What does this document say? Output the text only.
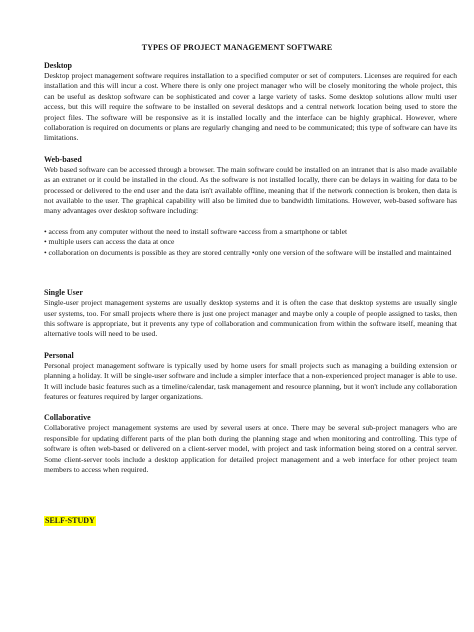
TYPES OF PROJECT MANAGEMENT SOFTWARE

Desktop

Desktop project management software requires installation to a specified computer or set of computers. Licenses are required for each installation and this will incur a cost. Where there is only one project manager who will be closely monitoring the whole project, this can be useful as desktop software can be sophisticated and cover a large variety of tasks. Some desktop solutions allow multi user access, but this will require the software to be installed on several desktops and a central network location being used to store the project files. The software will be responsive as it is installed locally and the interface can be highly graphical. However, where collaboration is required on documents or plans are regularly changing and need to be communicated; this type of software can have its limitations.

Web-based

Web based software can be accessed through a browser. The main software could be installed on an intranet that is also made available as an extranet or it could be installed in the cloud. As the software is not installed locally, there can be delays in waiting for data to be processed or delivered to the end user and the data isn't available offline, meaning that if the network connection is broken, then data is not available to the user. The graphical capability will also be limited due to bandwidth limitations. However, web-based software has many advantages over desktop software including:

• access from any computer without the need to install software •access from a smartphone or tablet

• multiple users can access the data at once

• collaboration on documents is possible as they are stored centrally •only one version of the software will be installed and maintained

Single User

Single-user project management systems are usually desktop systems and it is often the case that desktop systems are usually single user systems, too. For small projects where there is just one project manager and maybe only a couple of people assigned to tasks, then this software is appropriate, but it prevents any type of collaboration and communication from within the software itself, meaning that alternative tools will need to be used.

Personal

Personal project management software is typically used by home users for small projects such as managing a building extension or planning a holiday. It will be single-user software and include a simpler interface that a non-experienced project manager is able to use. It will include basic features such as a timeline/calendar, task management and resource planning, but it won't include any collaboration features or features required by larger organizations.

Collaborative

Collaborative project management systems are used by several users at once. There may be several sub-project managers who are responsible for updating different parts of the plan both during the planning stage and when monitoring and controlling. This type of software is often web-based or delivered on a client-server model, with project and task information being stored on a central server. Some client-server tools include a desktop application for detailed project management and a web interface for other project team members to access when required.

SELF-STUDY
